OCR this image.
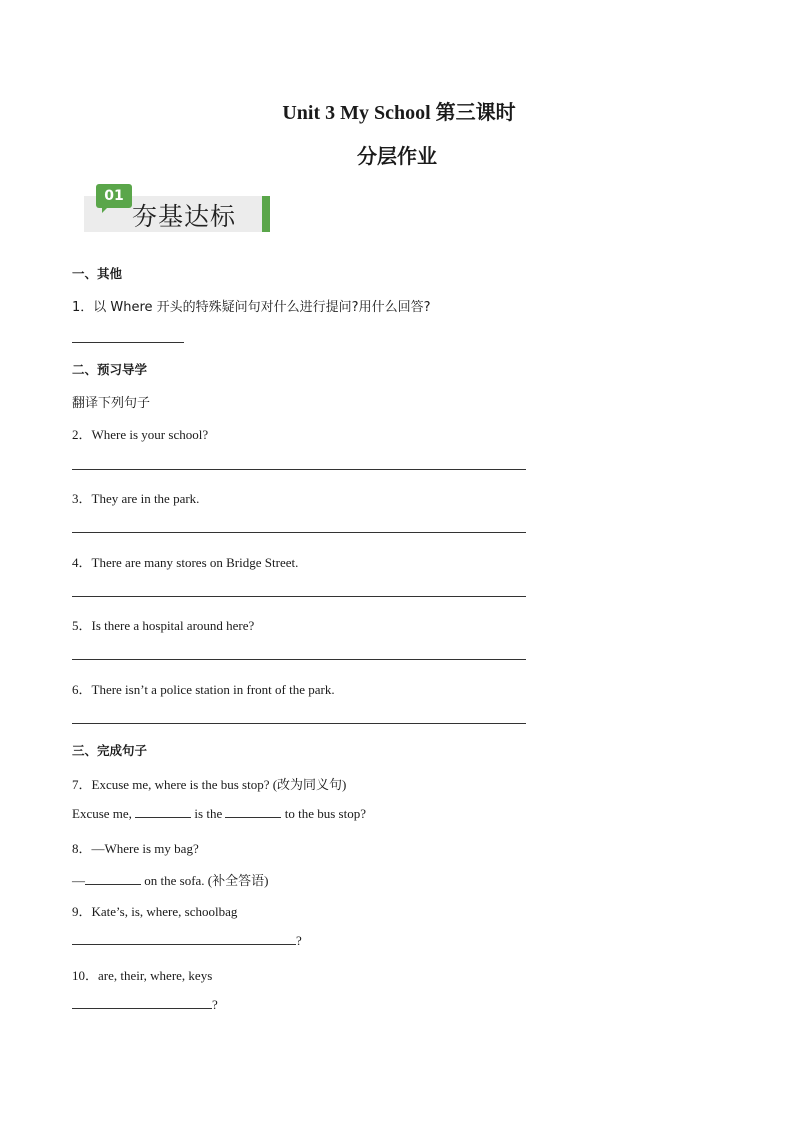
Unit 3 My School 第三课时
分层作业
01
夯基达标
一、其他
1．以 Where 开头的特殊疑问句对什么进行提问?用什么回答?
二、预习导学
翻译下列句子
2．Where is your school?
3．They are in the park.
4．There are many stores on Bridge Street.
5．Is there a hospital around here?
6．There isn’t a police station in front of the park.
三、完成句子
7．Excuse me, where is the bus stop? (改为同义句)
Excuse me,	is the	to the bus stop?
8．—Where is my bag?
—	on the sofa. (补全答语)
9．Kate’s, is, where, schoolbag
?
10．are, their, where, keys
?
